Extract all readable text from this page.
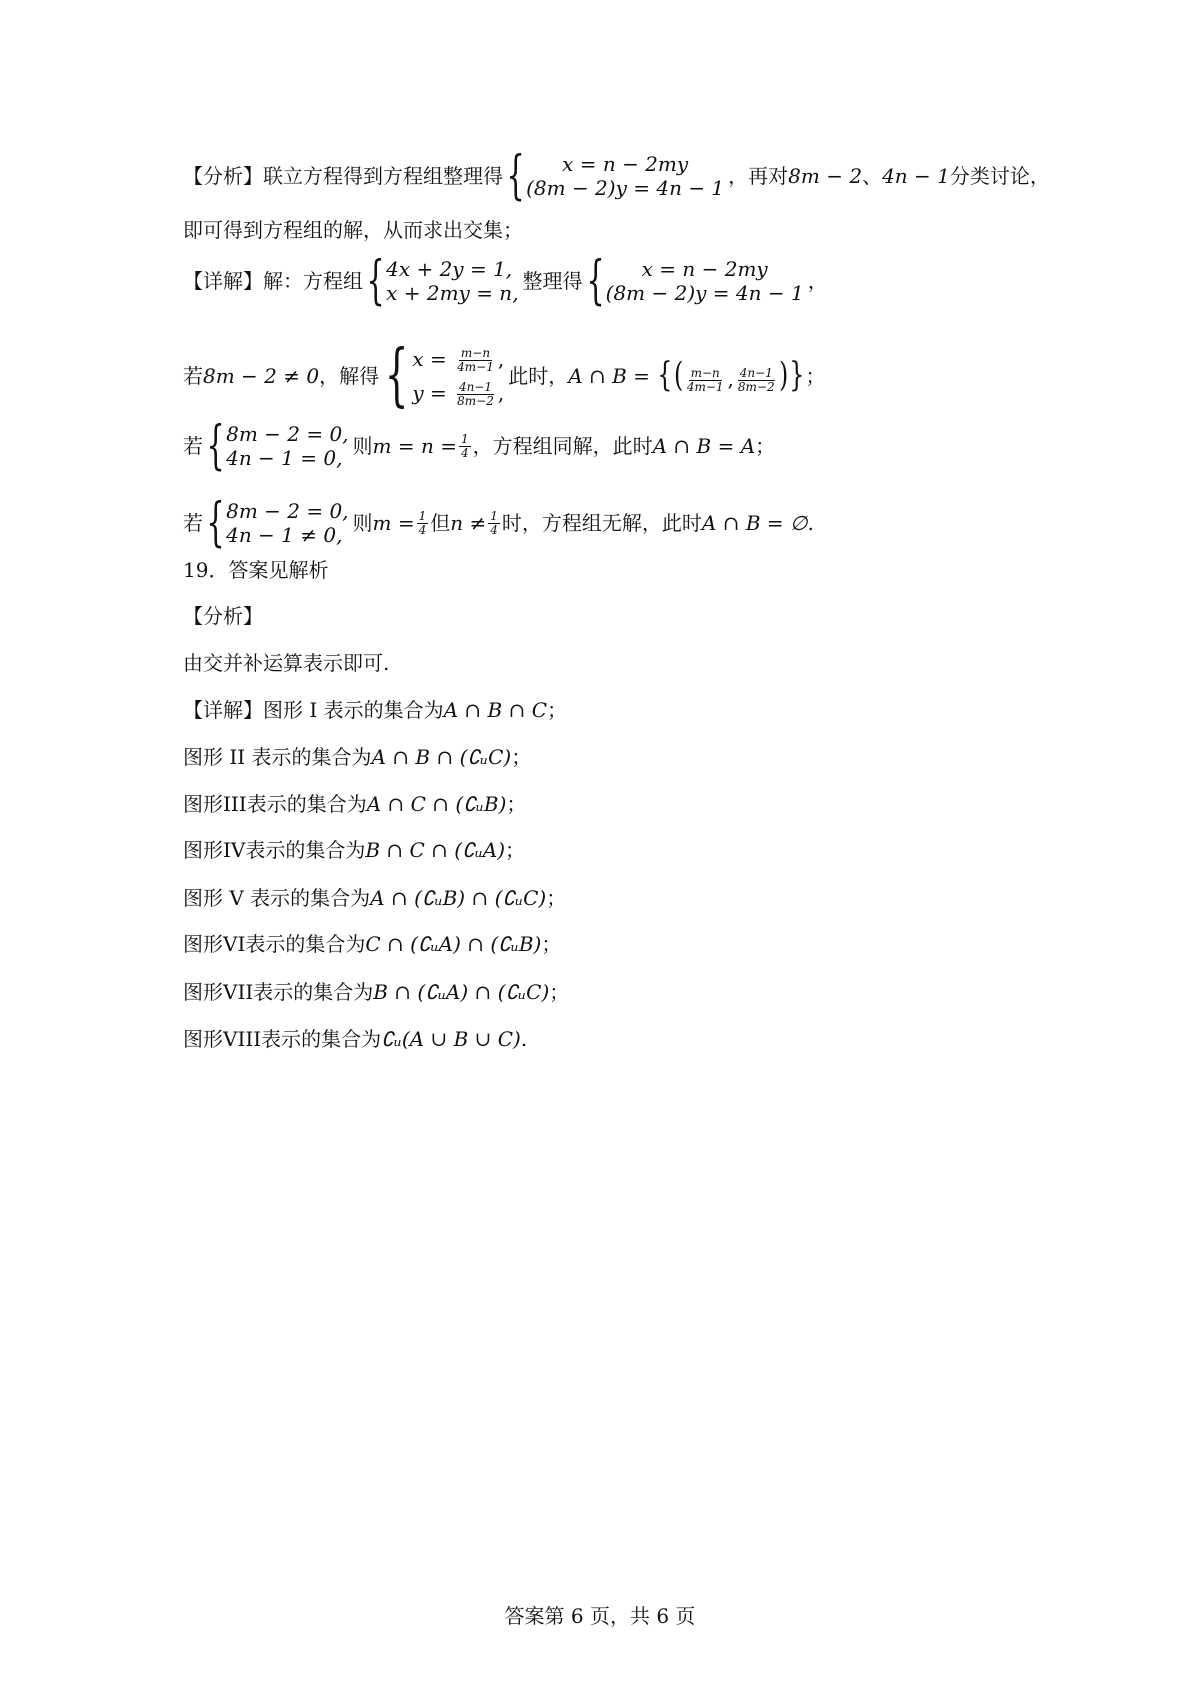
【分析】 联立方程得到方程组整理得 {	x = n − 2my
(8m − 2)y = 4n − 1 ，再对 8m − 2 、 4n − 1 分类讨论，
即可得到方程组的解，从而求出交集；
【详解】 解：方程组 { 4x + 2y = 1,
x + 2my = n, 整理得 {	x = n − 2my
(8m − 2)y = 4n − 1 ，
若 8m − 2 ≠ 0 ，解得 { $x = \frac{m-n}{4m-1}$ ,
$y = \frac{4n-1}{8m-2}$ ,
此时， A ∩ B = {( $\frac{m-n}{4m-1}$ , $\frac{4n-1}{8m-2}$ )} ；
若 { 8m − 2 = 0,
4n − 1 = 0, 则 $m = n = \frac{1}{4}$ ，方程组同解，此时 A ∩ B = A ；
若 { 8m − 2 = 0,
4n − 1 ≠ 0, 则 $m = \frac{1}{4}$ 但 $n \ne \frac{1}{4}$ 时，方程组无解，此时 A ∩ B = ∅ .
19．答案见解析
【分析】
由交并补运算表示即可.
【详解】 图形 I 表示的集合为 A ∩ B ∩ C ；
图形 II 表示的集合为 A ∩ B ∩ (∁ᵤC) ；
图形III表示的集合为 A ∩ C ∩ (∁ᵤB) ；
图形IV表示的集合为 B ∩ C ∩ (∁ᵤA) ；
图形 V 表示的集合为 A ∩ (∁ᵤB) ∩ (∁ᵤC) ；
图形VI表示的集合为 C ∩ (∁ᵤA) ∩ (∁ᵤB) ；
图形VII表示的集合为 B ∩ (∁ᵤA) ∩ (∁ᵤC) ；
图形VIII表示的集合为 ∁ᵤ(A ∪ B ∪ C) .
答案第 6 页，共 6 页
